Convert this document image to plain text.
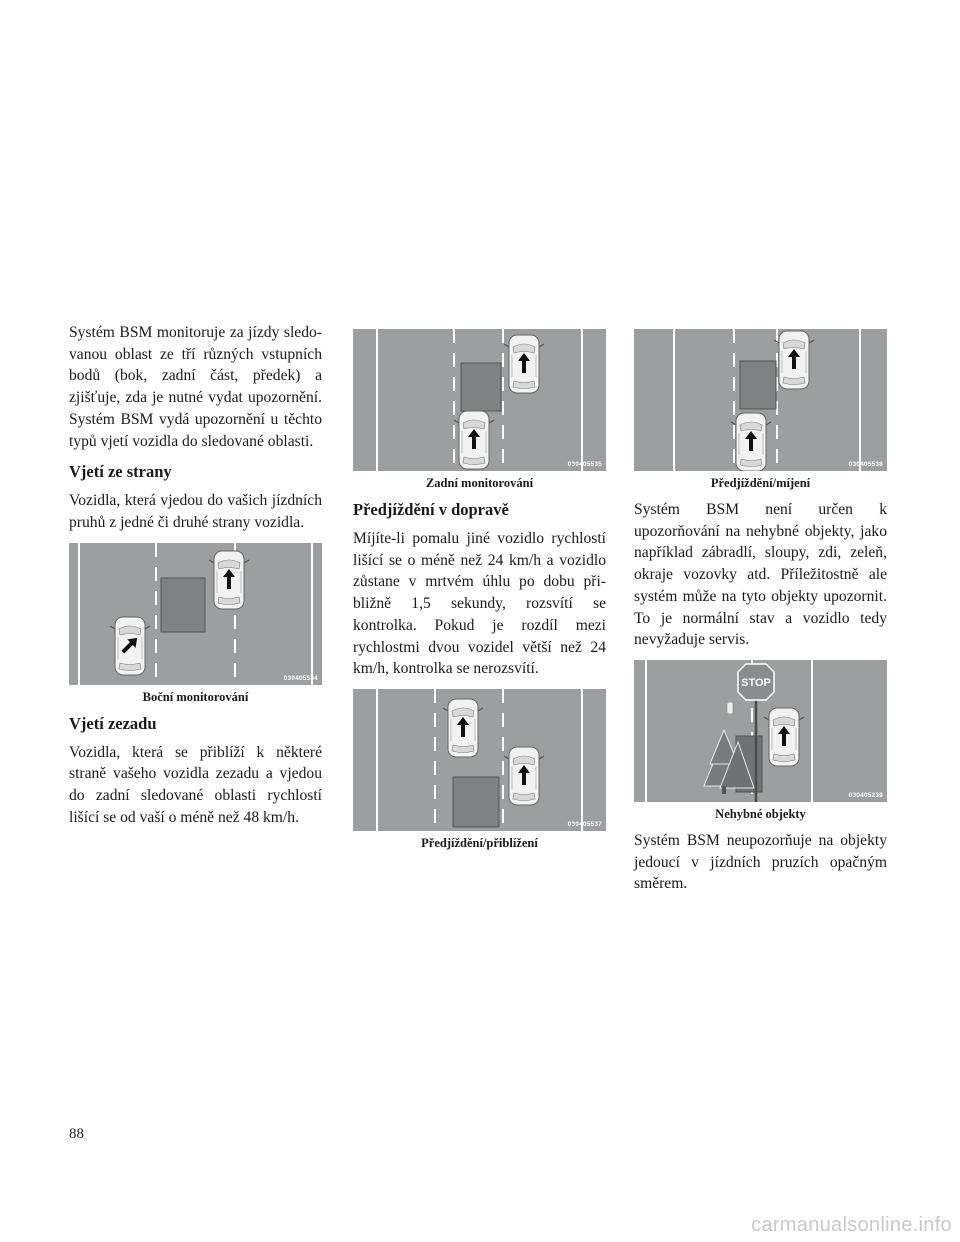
Systém BSM monitoruje za jízdy sledo- vanou oblast ze tří různých vstupních bodů (bok, zadní část, předek) a zjišťuje, zda je nutné vydat upozornění. Systém BSM vydá upozornění u těchto typů vjetí vozidla do sledované oblasti.

Vjetí ze strany

Vozidla, která vjedou do vašich jízdních pruhů z jedné či druhé strany vozidla.

030405534
Boční monitorování
Vjetí zezadu

Vozidla, která se přiblíží k některé straně vašeho vozidla zezadu a vjedou do zadní sledované oblasti rychlostí lišící se od vaší o méně než 48 km/h.

030405535
Zadní monitorování
Předjíždění v dopravě

Míjíte-li pomalu jiné vozidlo rychlostí lišící se o méně než 24 km/h a vozidlo zůstane v mrtvém úhlu po dobu při- bližně 1,5 sekundy, rozsvítí se kontrolka. Pokud je rozdíl mezi rychlostmi dvou vozidel větší než 24 km/h, kontrolka se nerozsvítí.

030405537
Předjíždění/přiblížení
030405538
Předjíždění/míjení

Systém BSM není určen k upozorňování na nehybné objekty, jako například zábradlí, sloupy, zdi, zeleň, okraje vozovky atd. Příležitostně ale systém může na tyto objekty upozornit. To je normální stav a vozidlo tedy nevyžaduje servis.

STOP
030405239
Nehybné objekty

Systém BSM neupozorňuje na objekty jedoucí v jízdních pruzích opačným směrem.

88
carmanualsonline.info
